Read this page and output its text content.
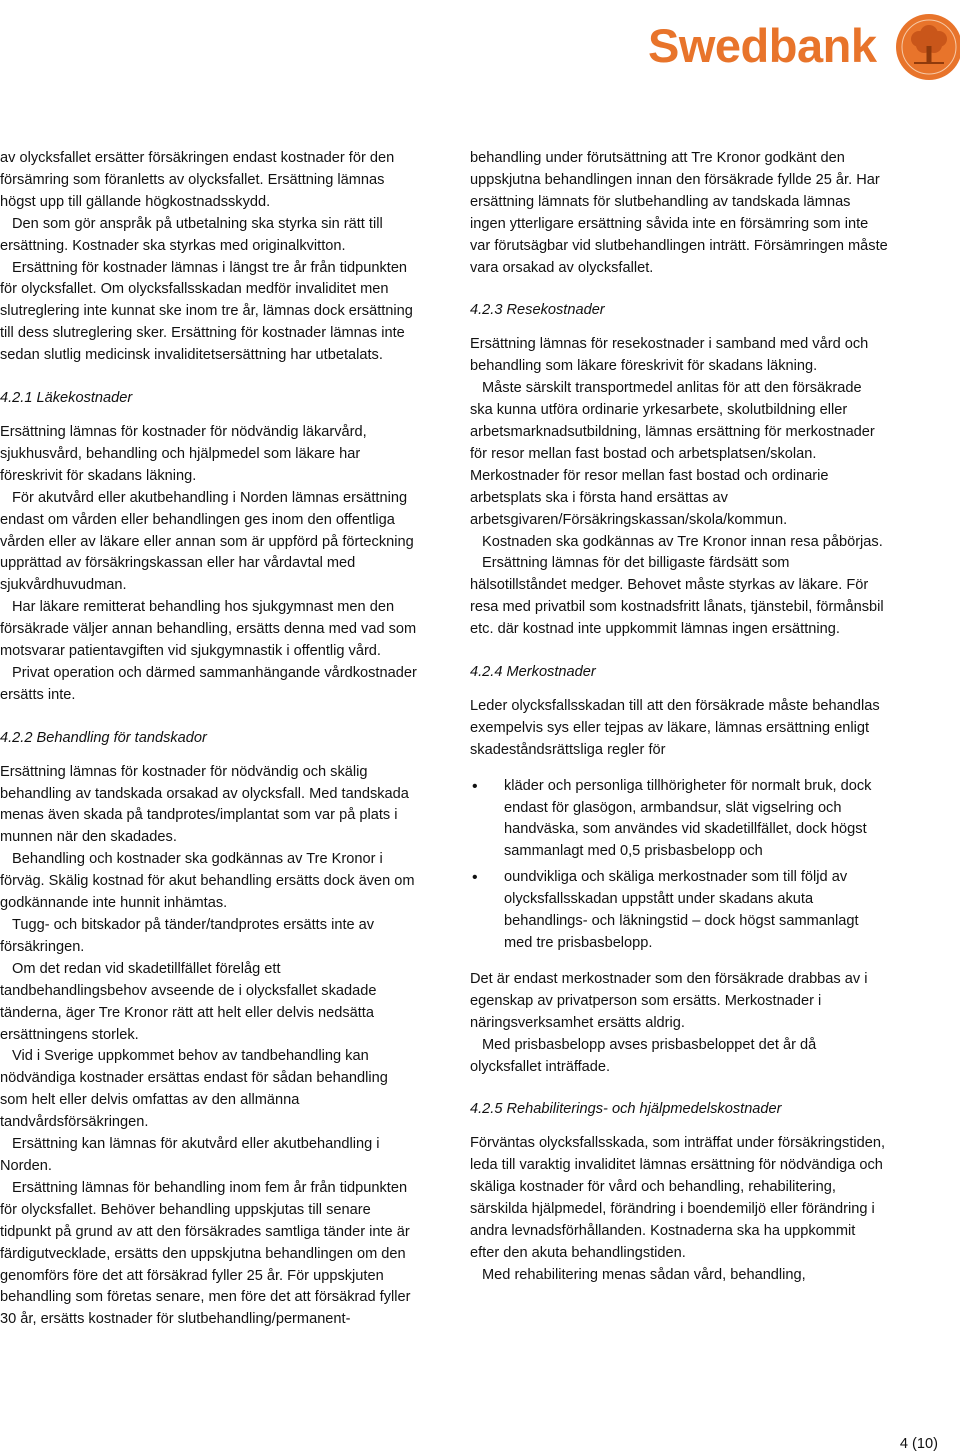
Swedbank

av olycksfallet ersätter försäkringen endast kostnader för den försämring som föranletts av olycksfallet. Ersättning lämnas högst upp till gällande högkostnadsskydd.

Den som gör anspråk på utbetalning ska styrka sin rätt till ersättning. Kostnader ska styrkas med originalkvitton.

Ersättning för kostnader lämnas i längst tre år från tidpunkten för olycksfallet. Om olycksfallsskadan medför invaliditet men slutreglering inte kunnat ske inom tre år, lämnas dock ersättning till dess slutreglering sker. Ersättning för kostnader lämnas inte sedan slutlig medicinsk invaliditetsersättning har utbetalats.

4.2.1 Läkekostnader

Ersättning lämnas för kostnader för nödvändig läkarvård, sjukhusvård, behandling och hjälpmedel som läkare har föreskrivit för skadans läkning.

För akutvård eller akutbehandling i Norden lämnas ersättning endast om vården eller behandlingen ges inom den offentliga vården eller av läkare eller annan som är uppförd på förteckning upprättad av försäkringskassan eller har vårdavtal med sjukvårdhuvudman.

Har läkare remitterat behandling hos sjukgymnast men den försäkrade väljer annan behandling, ersätts denna med vad som motsvarar patientavgiften vid sjukgymnastik i offentlig vård.

Privat operation och därmed sammanhängande vårdkostnader ersätts inte.

4.2.2 Behandling för tandskador

Ersättning lämnas för kostnader för nödvändig och skälig behandling av tandskada orsakad av olycksfall. Med tandskada menas även skada på tandprotes/implantat som var på plats i munnen när den skadades.

Behandling och kostnader ska godkännas av Tre Kronor i förväg. Skälig kostnad för akut behandling ersätts dock även om godkännande inte hunnit inhämtas.

Tugg- och bitskador på tänder/tandprotes ersätts inte av försäkringen.

Om det redan vid skadetillfället förelåg ett tandbehandlingsbehov avseende de i olycksfallet skadade tänderna, äger Tre Kronor rätt att helt eller delvis nedsätta ersättningens storlek.

Vid i Sverige uppkommet behov av tandbehandling kan nödvändiga kostnader ersättas endast för sådan behandling som helt eller delvis omfattas av den allmänna tandvårdsförsäkringen.

Ersättning kan lämnas för akutvård eller akutbehandling i Norden.

Ersättning lämnas för behandling inom fem år från tidpunkten för olycksfallet. Behöver behandling uppskjutas till senare tidpunkt på grund av att den försäkrades samtliga tänder inte är färdigutvecklade, ersätts den uppskjutna behandlingen om den genomförs före det att försäkrad fyller 25 år. För uppskjuten behandling som företas senare, men före det att försäkrad fyller 30 år, ersätts kostnader för slutbehandling/permanent-

behandling under förutsättning att Tre Kronor godkänt den uppskjutna behandlingen innan den försäkrade fyllde 25 år. Har ersättning lämnats för slutbehandling av tandskada lämnas ingen ytterligare ersättning såvida inte en försämring som inte var förutsägbar vid slutbehandlingen inträtt. Försämringen måste vara orsakad av olycksfallet.

4.2.3 Resekostnader

Ersättning lämnas för resekostnader i samband med vård och behandling som läkare föreskrivit för skadans läkning.

Måste särskilt transportmedel anlitas för att den försäkrade ska kunna utföra ordinarie yrkesarbete, skolutbildning eller arbetsmarknadsutbildning, lämnas ersättning för merkostnader för resor mellan fast bostad och arbetsplatsen/skolan. Merkostnader för resor mellan fast bostad och ordinarie arbetsplats ska i första hand ersättas av arbetsgivaren/Försäkringskassan/skola/kommun.

Kostnaden ska godkännas av Tre Kronor innan resa påbörjas.

Ersättning lämnas för det billigaste färdsätt som hälsotillståndet medger. Behovet måste styrkas av läkare. För resa med privatbil som kostnadsfritt lånats, tjänstebil, förmånsbil etc. där kostnad inte uppkommit lämnas ingen ersättning.

4.2.4 Merkostnader

Leder olycksfallsskadan till att den försäkrade måste behandlas exempelvis sys eller tejpas av läkare, lämnas ersättning enligt skadeståndsrättsliga regler för

• kläder och personliga tillhörigheter för normalt bruk, dock endast för glasögon, armbandsur, slät vigselring och handväska, som användes vid skadetillfället, dock högst sammanlagt med 0,5 prisbasbelopp och
• oundvikliga och skäliga merkostnader som till följd av olycksfallsskadan uppstått under skadans akuta behandlings- och läkningstid – dock högst sammanlagt med tre prisbasbelopp.

Det är endast merkostnader som den försäkrade drabbas av i egenskap av privatperson som ersätts. Merkostnader i näringsverksamhet ersätts aldrig.

Med prisbasbelopp avses prisbasbeloppet det år då olycksfallet inträffade.

4.2.5 Rehabiliterings- och hjälpmedelskostnader

Förväntas olycksfallsskada, som inträffat under försäkringstiden, leda till varaktig invaliditet lämnas ersättning för nödvändiga och skäliga kostnader för vård och behandling, rehabilitering, särskilda hjälpmedel, förändring i boendemiljö eller förändring i andra levnadsförhållanden. Kostnaderna ska ha uppkommit efter den akuta behandlingstiden.

Med rehabilitering menas sådan vård, behandling,

4 (10)
